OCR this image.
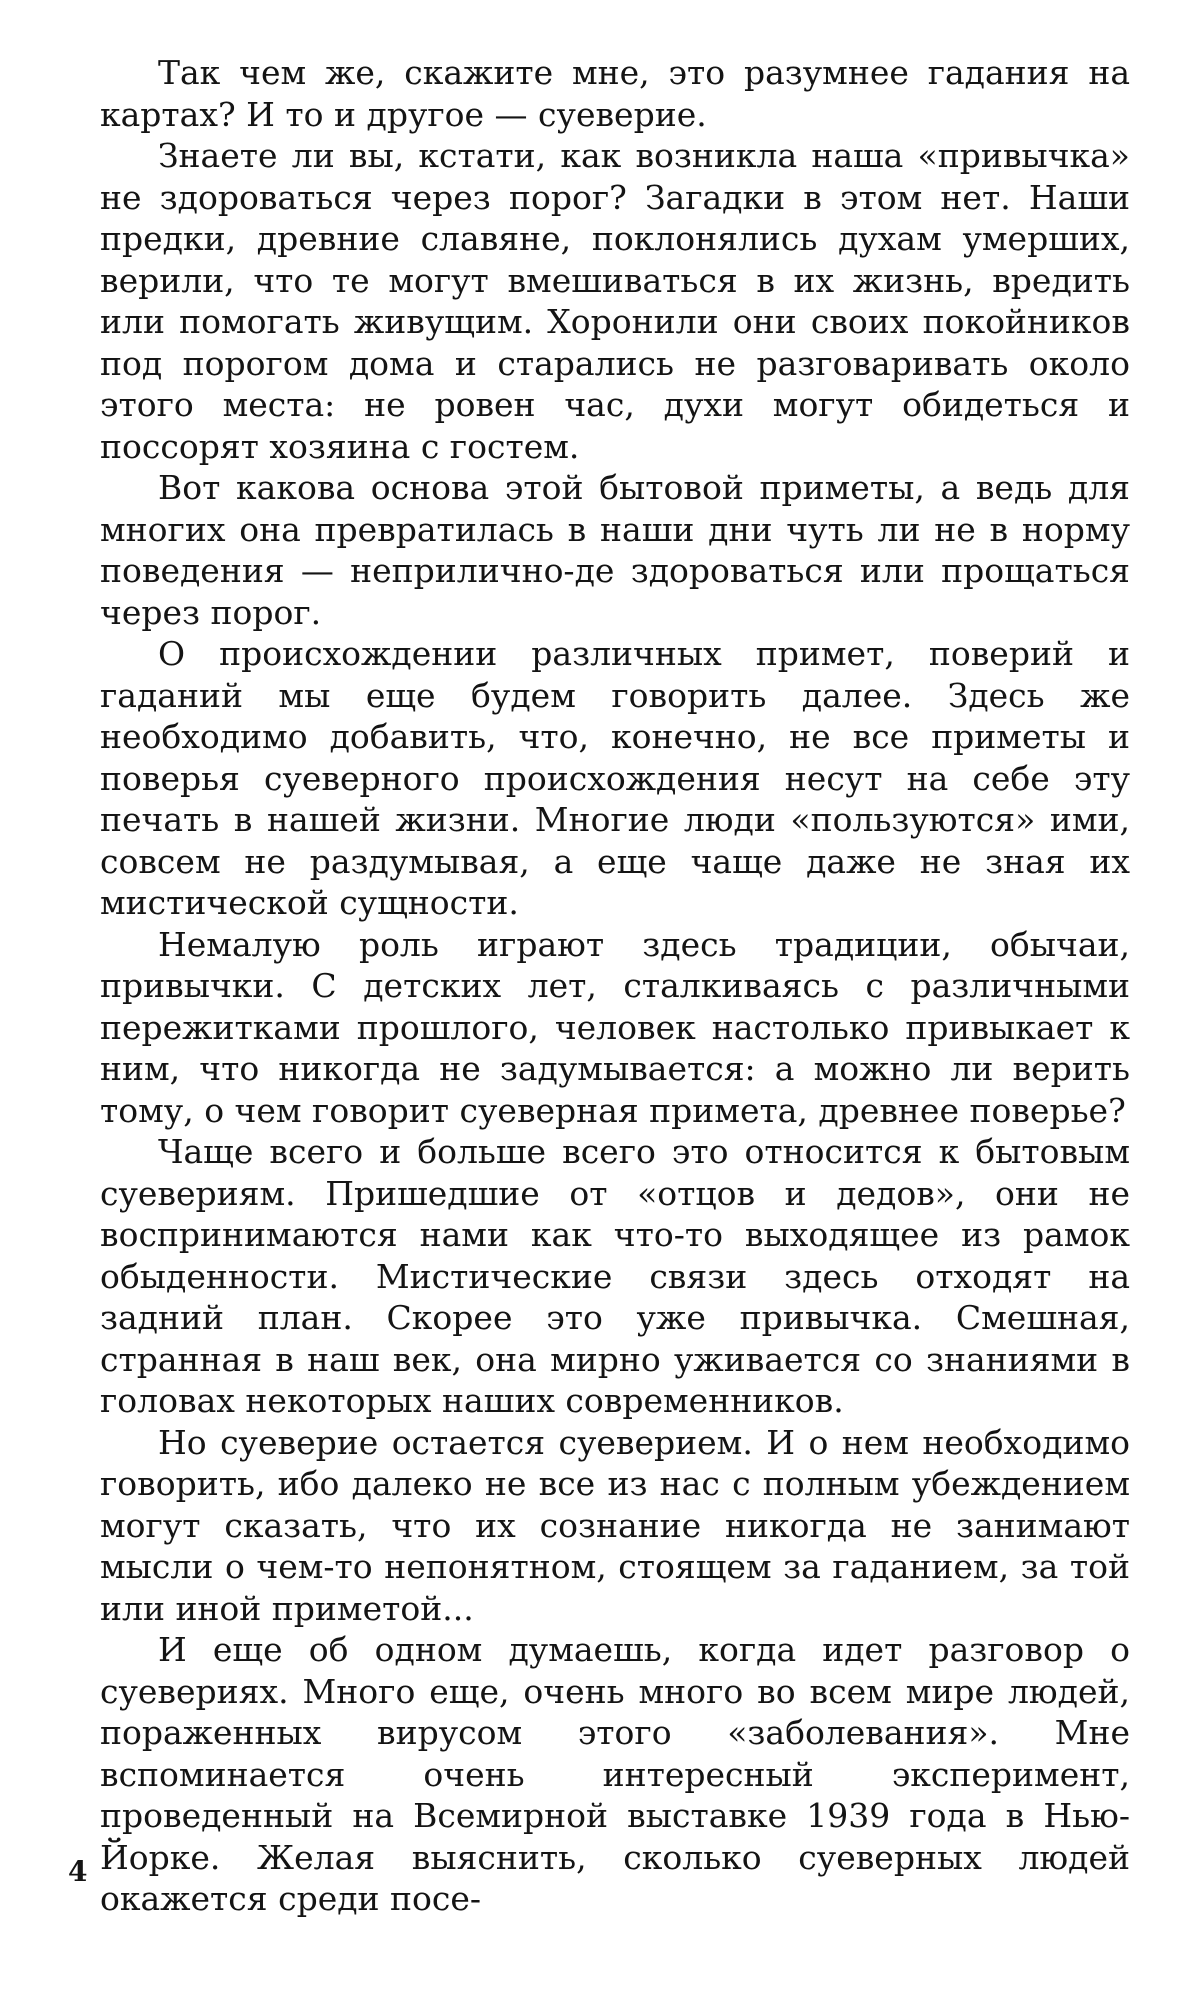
Так чем же, скажите мне, это разумнее гадания на картах? И то и другое — суеверие.

Знаете ли вы, кстати, как возникла наша «привычка» не здороваться через порог? Загадки в этом нет. Наши предки, древние славяне, поклонялись духам умерших, верили, что те могут вмешиваться в их жизнь, вредить или помогать живущим. Хоронили они своих покойников под порогом дома и старались не разговаривать около этого места: не ровен час, духи могут обидеться и поссорят хозяина с гостем.

Вот какова основа этой бытовой приметы, а ведь для многих она превратилась в наши дни чуть ли не в норму поведения — неприлично-де здороваться или прощаться через порог.

О происхождении различных примет, поверий и гаданий мы еще будем говорить далее. Здесь же необходимо добавить, что, конечно, не все приметы и поверья суеверного происхождения несут на себе эту печать в нашей жизни. Многие люди «пользуются» ими, совсем не раздумывая, а еще чаще даже не зная их мистической сущности.

Немалую роль играют здесь традиции, обычаи, привычки. С детских лет, сталкиваясь с различными пережитками прошлого, человек настолько привыкает к ним, что никогда не задумывается: а можно ли верить тому, о чем говорит суеверная примета, древнее поверье?

Чаще всего и больше всего это относится к бытовым суевериям. Пришедшие от «отцов и дедов», они не воспринимаются нами как что-то выходящее из рамок обыденности. Мистические связи здесь отходят на задний план. Скорее это уже привычка. Смешная, странная в наш век, она мирно уживается со знаниями в головах некоторых наших современников.

Но суеверие остается суеверием. И о нем необходимо говорить, ибо далеко не все из нас с полным убеждением могут сказать, что их сознание никогда не занимают мысли о чем-то непонятном, стоящем за гаданием, за той или иной приметой...

И еще об одном думаешь, когда идет разговор о суевериях. Много еще, очень много во всем мире людей, пораженных вирусом этого «заболевания». Мне вспоминается очень интересный эксперимент, проведенный на Всемирной выставке 1939 года в Нью-Йорке. Желая выяснить, сколько суеверных людей окажется среди посе-

4
